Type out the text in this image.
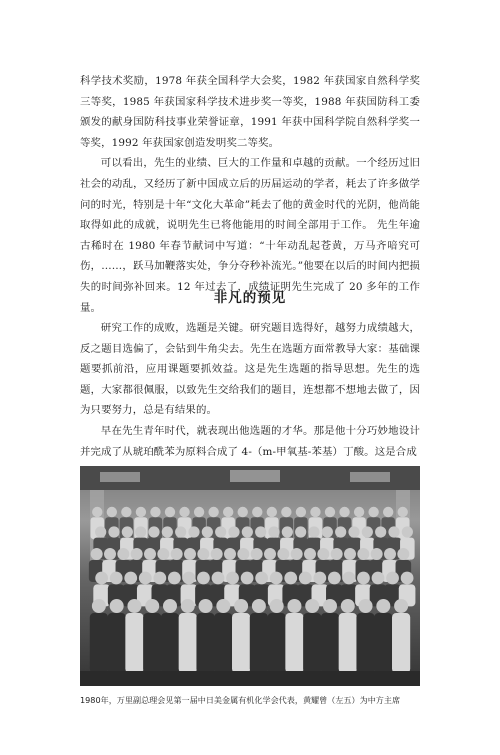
科学技术奖励，1978 年获全国科学大会奖，1982 年获国家自然科学奖三等奖，1985 年获国家科学技术进步奖一等奖，1988 年获国防科工委颁发的献身国防科技事业荣誉证章，1991 年获中国科学院自然科学奖一等奖，1992 年获国家创造发明奖二等奖。

可以看出，先生的业绩、巨大的工作量和卓越的贡献。一个经历过旧社会的动乱，又经历了新中国成立后的历届运动的学者，耗去了许多做学问的时光，特别是十年“文化大革命”耗去了他的黄金时代的光阴，他尚能取得如此的成就，说明先生已将他能用的时间全部用于工作。 先生年逾古稀时在 1980 年春节献词中写道：“十年动乱起苍黄，万马齐喑究可伤，……，跃马加鞭落实处，争分夺秒补流光。”他要在以后的时间内把损失的时间弥补回来。12 年过去了，成绩证明先生完成了 20 多年的工作量。

非凡的预见

研究工作的成败，选题是关键。研究题目选得好，越努力成绩越大，反之题目选偏了，会钻到牛角尖去。先生在选题方面常教导大家：基础课题要抓前沿，应用课题要抓效益。这是先生选题的指导思想。先生的选题，大家都很佩服，以致先生交给我们的题目，连想都不想地去做了，因为只要努力，总是有结果的。

早在先生青年时代，就表现出他选题的才华。那是他十分巧妙地设计并完成了从琥珀酰苯为原料合成了 4-（m-甲氧基-苯基）丁酸。这是合成

1980年，万里副总理会见第一届中日美金属有机化学会代表，黄耀曾（左五）为中方主席
